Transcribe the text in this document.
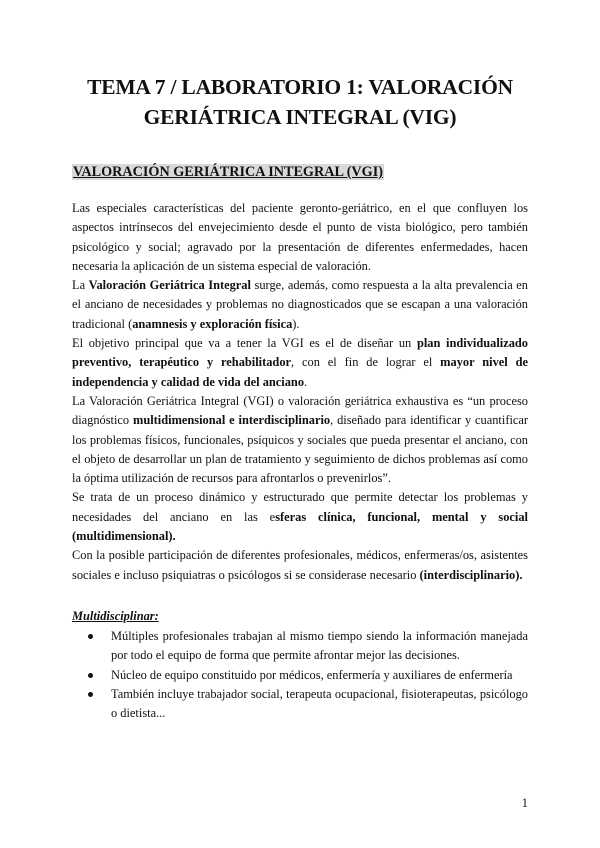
TEMA 7 / LABORATORIO 1: VALORACIÓN
GERIÁTRICA INTEGRAL (VIG)
VALORACIÓN GERIÁTRICA INTEGRAL (VGI)

Las especiales características del paciente geronto-geriátrico, en el que confluyen los aspectos intrínsecos del envejecimiento desde el punto de vista biológico, pero también psicológico y social; agravado por la presentación de diferentes enfermedades, hacen necesaria la aplicación de un sistema especial de valoración.

La Valoración Geriátrica Integral surge, además, como respuesta a la alta prevalencia en el anciano de necesidades y problemas no diagnosticados que se escapan a una valoración tradicional (anamnesis y exploración física).

El objetivo principal que va a tener la VGI es el de diseñar un plan individualizado preventivo, terapéutico y rehabilitador, con el fin de lograr el mayor nivel de independencia y calidad de vida del anciano.

La Valoración Geriátrica Integral (VGI) o valoración geriátrica exhaustiva es “un proceso diagnóstico multidimensional e interdisciplinario, diseñado para identificar y cuantificar los problemas físicos, funcionales, psíquicos y sociales que pueda presentar el anciano, con el objeto de desarrollar un plan de tratamiento y seguimiento de dichos problemas así como la óptima utilización de recursos para afrontarlos o prevenirlos”.

Se trata de un proceso dinámico y estructurado que permite detectar los problemas y necesidades del anciano en las esferas clínica, funcional, mental y social (multidimensional).

Con la posible participación de diferentes profesionales, médicos, enfermeras/os, asistentes sociales e incluso psiquiatras o psicólogos si se considerase necesario (interdisciplinario).

Multidisciplinar:
Múltiples profesionales trabajan al mismo tiempo siendo la información manejada por todo el equipo de forma que permite afrontar mejor las decisiones.
Núcleo de equipo constituido por médicos, enfermería y auxiliares de enfermería
También incluye trabajador social, terapeuta ocupacional, fisioterapeutas, psicólogo o dietista...
1
